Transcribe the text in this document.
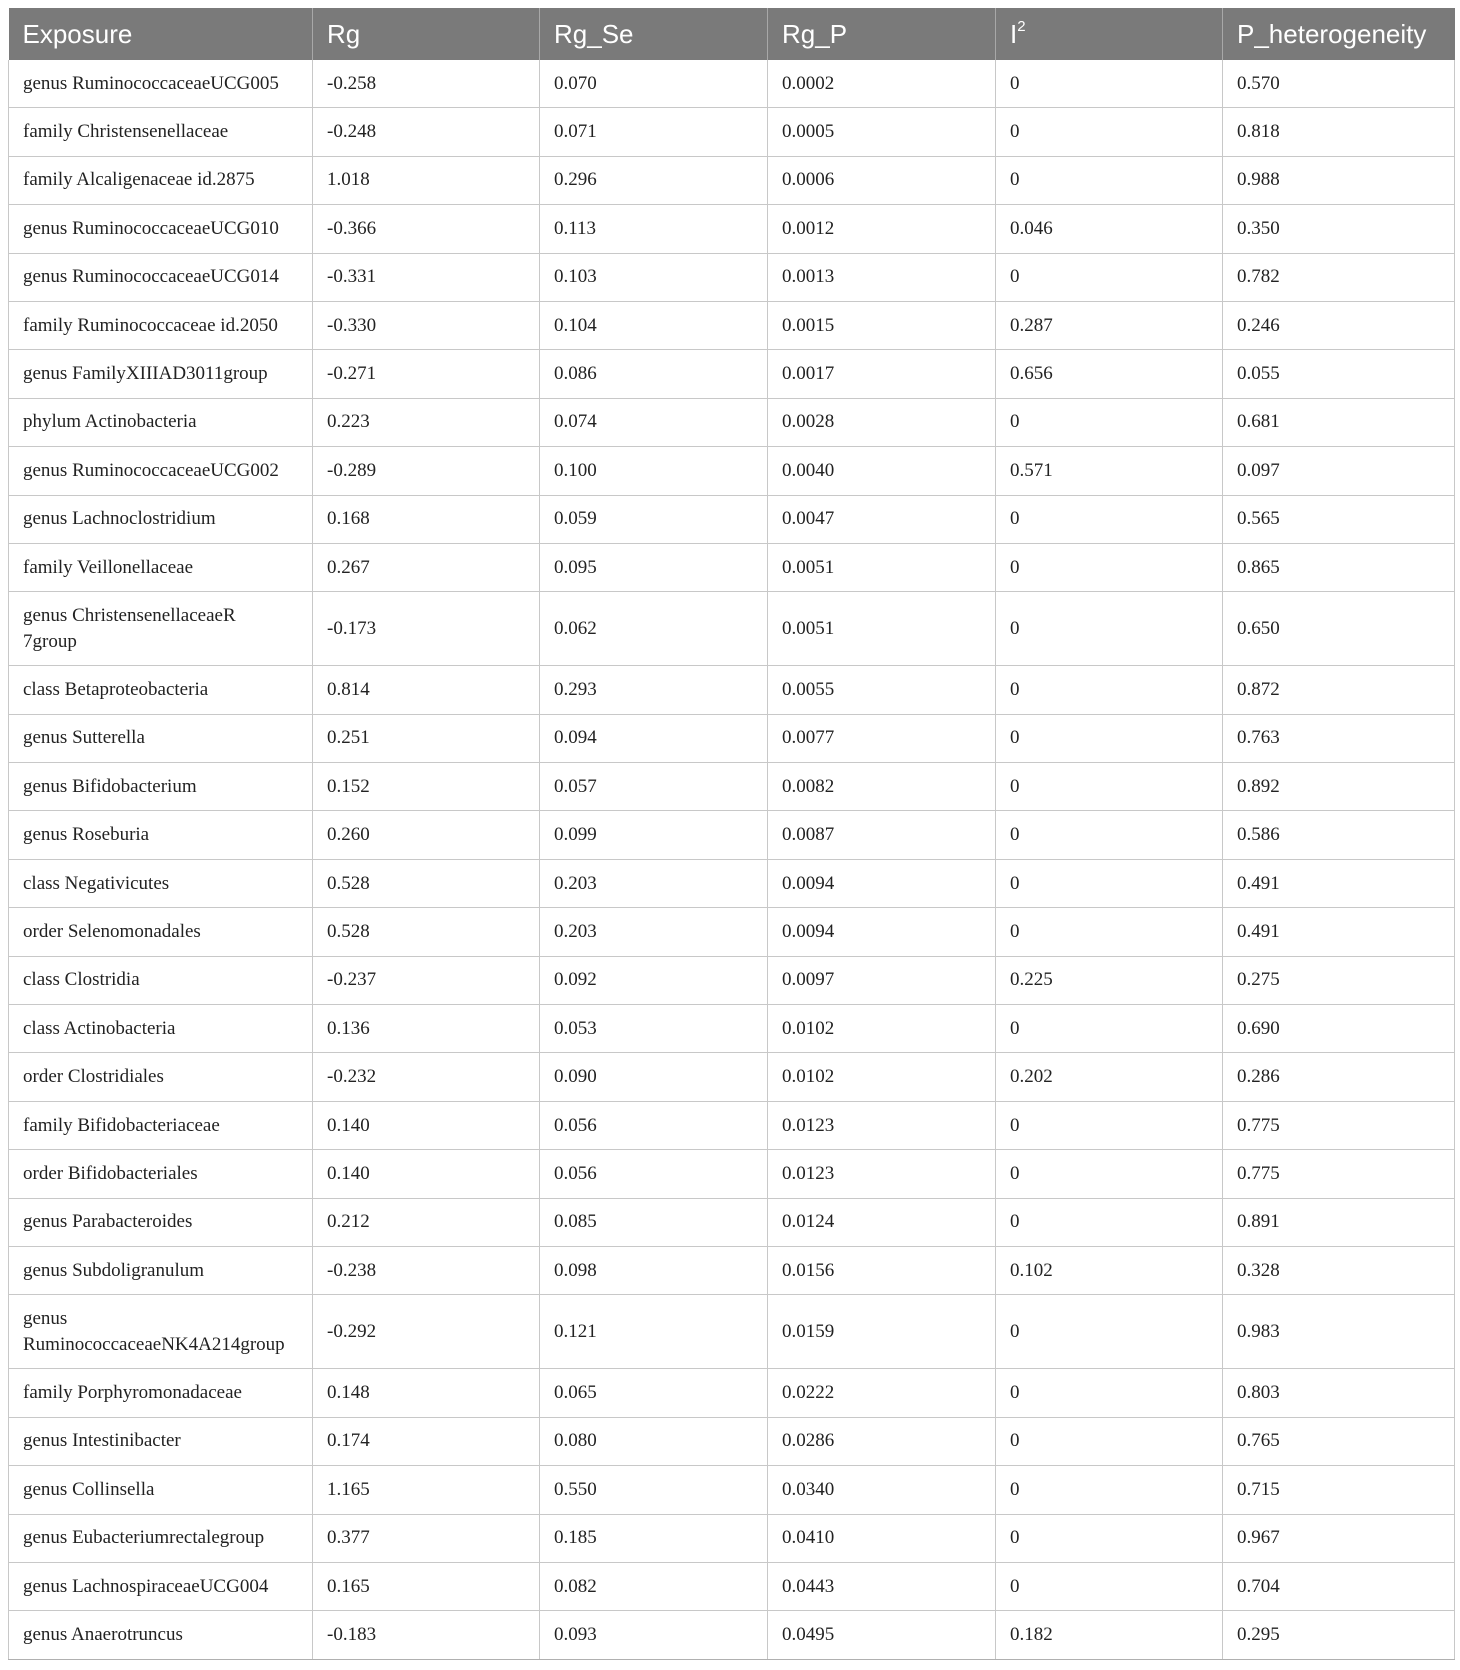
Exposure	Rg	Rg_Se	Rg_P	$I^2$	P_heterogeneity
genus RuminococcaceaeUCG005	-0.258	0.070	0.0002	0	0.570
family Christensenellaceae	-0.248	0.071	0.0005	0	0.818
family Alcaligenaceae id.2875	1.018	0.296	0.0006	0	0.988
genus RuminococcaceaeUCG010	-0.366	0.113	0.0012	0.046	0.350
genus RuminococcaceaeUCG014	-0.331	0.103	0.0013	0	0.782
family Ruminococcaceae id.2050	-0.330	0.104	0.0015	0.287	0.246
genus FamilyXIIIAD3011group	-0.271	0.086	0.0017	0.656	0.055
phylum Actinobacteria	0.223	0.074	0.0028	0	0.681
genus RuminococcaceaeUCG002	-0.289	0.100	0.0040	0.571	0.097
genus Lachnoclostridium	0.168	0.059	0.0047	0	0.565
family Veillonellaceae	0.267	0.095	0.0051	0	0.865
genus ChristensenellaceaeR 7group	-0.173	0.062	0.0051	0	0.650
class Betaproteobacteria	0.814	0.293	0.0055	0	0.872
genus Sutterella	0.251	0.094	0.0077	0	0.763
genus Bifidobacterium	0.152	0.057	0.0082	0	0.892
genus Roseburia	0.260	0.099	0.0087	0	0.586
class Negativicutes	0.528	0.203	0.0094	0	0.491
order Selenomonadales	0.528	0.203	0.0094	0	0.491
class Clostridia	-0.237	0.092	0.0097	0.225	0.275
class Actinobacteria	0.136	0.053	0.0102	0	0.690
order Clostridiales	-0.232	0.090	0.0102	0.202	0.286
family Bifidobacteriaceae	0.140	0.056	0.0123	0	0.775
order Bifidobacteriales	0.140	0.056	0.0123	0	0.775
genus Parabacteroides	0.212	0.085	0.0124	0	0.891
genus Subdoligranulum	-0.238	0.098	0.0156	0.102	0.328
genus RuminococcaceaeNK4A214group	-0.292	0.121	0.0159	0	0.983
family Porphyromonadaceae	0.148	0.065	0.0222	0	0.803
genus Intestinibacter	0.174	0.080	0.0286	0	0.765
genus Collinsella	1.165	0.550	0.0340	0	0.715
genus Eubacteriumrectalegroup	0.377	0.185	0.0410	0	0.967
genus LachnospiraceaeUCG004	0.165	0.082	0.0443	0	0.704
genus Anaerotruncus	-0.183	0.093	0.0495	0.182	0.295
